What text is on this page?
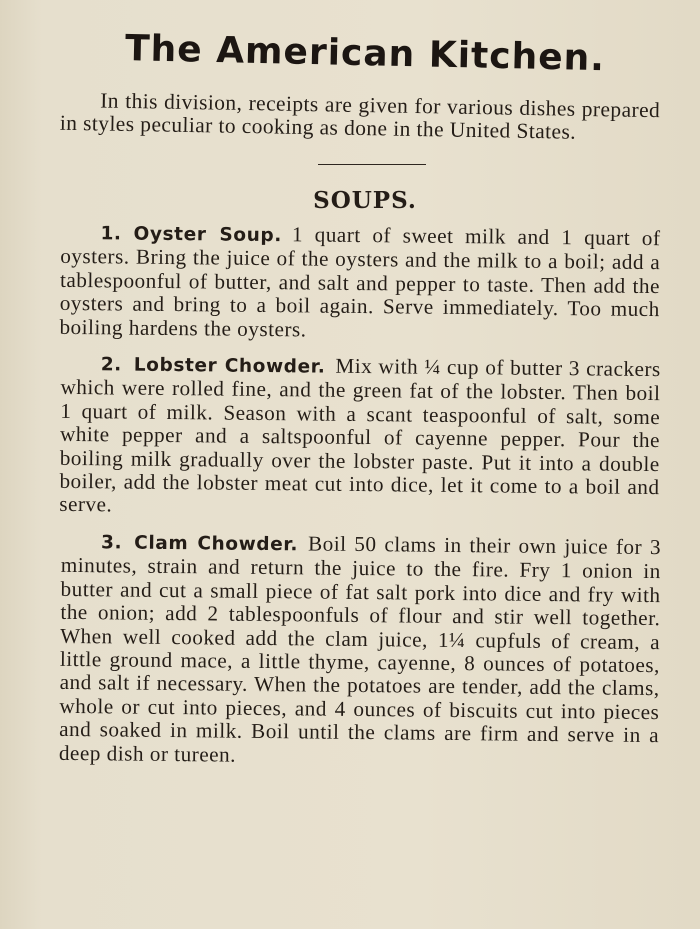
The American Kitchen.

In this division, receipts are given for various dishes prepared in styles peculiar to cooking as done in the United States.

SOUPS.

1. Oyster Soup. 1 quart of sweet milk and 1 quart of oysters. Bring the juice of the oysters and the milk to a boil; add a tablespoonful of butter, and salt and pepper to taste. Then add the oysters and bring to a boil again. Serve immediately. Too much boiling hardens the oysters.

2. Lobster Chowder. Mix with ¼ cup of butter 3 crackers which were rolled fine, and the green fat of the lobster. Then boil 1 quart of milk. Season with a scant teaspoonful of salt, some white pepper and a saltspoonful of cayenne pepper. Pour the boiling milk gradually over the lobster paste. Put it into a double boiler, add the lobster meat cut into dice, let it come to a boil and serve.

3. Clam Chowder. Boil 50 clams in their own juice for 3 minutes, strain and return the juice to the fire. Fry 1 onion in butter and cut a small piece of fat salt pork into dice and fry with the onion; add 2 tablespoonfuls of flour and stir well together. When well cooked add the clam juice, 1¼ cupfuls of cream, a little ground mace, a little thyme, cayenne, 8 ounces of potatoes, and salt if necessary. When the potatoes are tender, add the clams, whole or cut into pieces, and 4 ounces of biscuits cut into pieces and soaked in milk. Boil until the clams are firm and serve in a deep dish or tureen.
